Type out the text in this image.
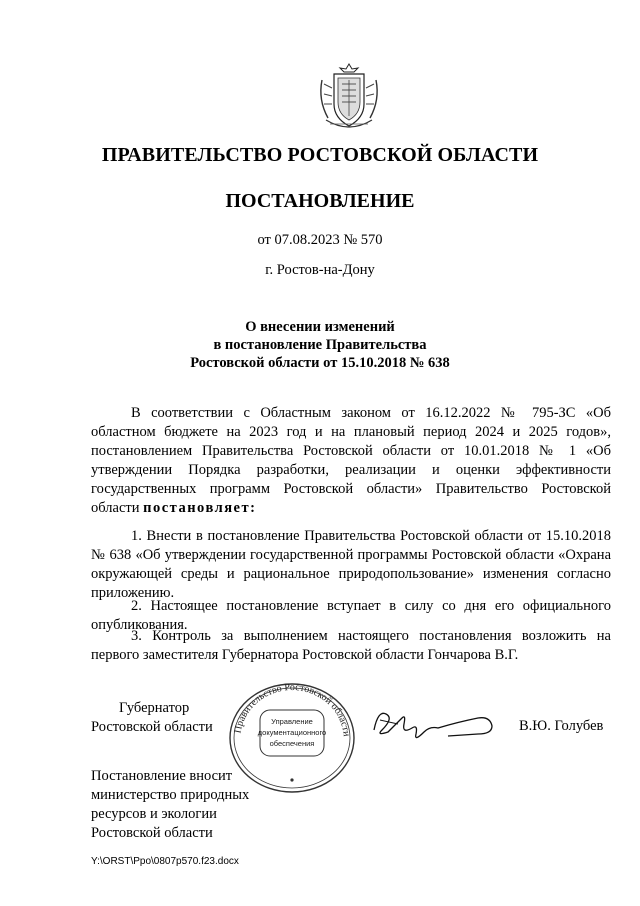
ПРАВИТЕЛЬСТВО РОСТОВСКОЙ ОБЛАСТИ
ПОСТАНОВЛЕНИЕ
от 07.08.2023 № 570
г. Ростов-на-Дону
О внесении изменений
в постановление Правительства
Ростовской области от 15.10.2018 № 638
В соответствии с Областным законом от 16.12.2022 № 795-ЗС «Об областном бюджете на 2023 год и на плановый период 2024 и 2025 годов», постановлением Правительства Ростовской области от 10.01.2018 № 1 «Об утверждении Порядка разработки, реализации и оценки эффективности государственных программ Ростовской области» Правительство Ростовской области постановляет:
1. Внести в постановление Правительства Ростовской области от 15.10.2018 № 638 «Об утверждении государственной программы Ростовской области «Охрана окружающей среды и рациональное природопользование» изменения согласно приложению.
2. Настоящее постановление вступает в силу со дня его официального опубликования.
3. Контроль за выполнением настоящего постановления возложить на первого заместителя Губернатора Ростовской области Гончарова В.Г.
Губернатор
Ростовской области Правительство Ростовской области
Управление
документационного
обеспечения
В.Ю. Голубев
Постановление вносит
министерство природных
ресурсов и экологии
Ростовской области
Y:\ORST\Ppo\0807p570.f23.docx
